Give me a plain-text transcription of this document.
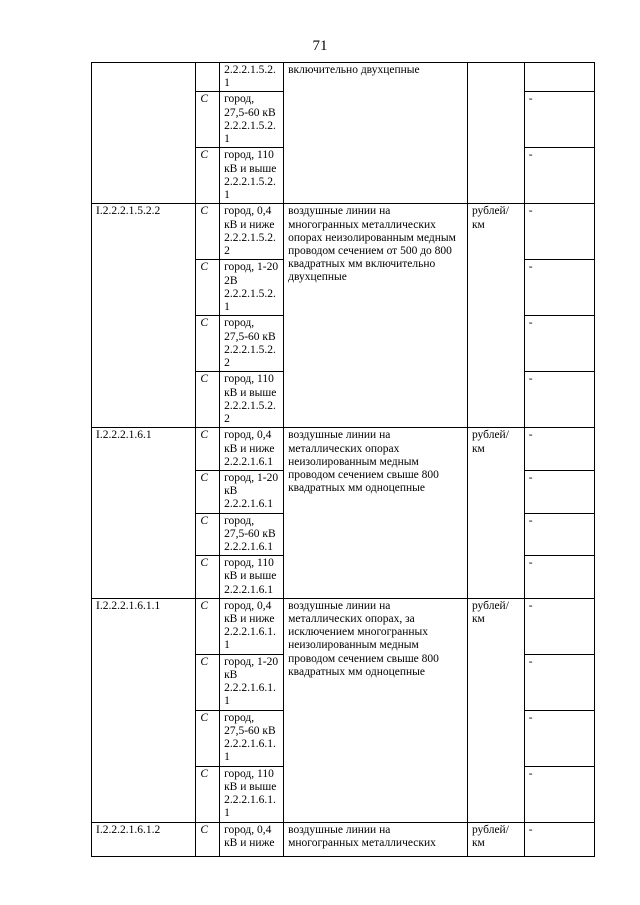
71
		2.2.2.1.5.2.1	включительно двухцепные		
	С	город, 27,5-60 кВ 2.2.2.1.5.2.1			-
	С	город, 110 кВ и выше 2.2.2.1.5.2.1			-
I.2.2.2.1.5.2.2	С	город, 0,4 кВ и ниже 2.2.2.1.5.2.2	воздушные линии на многогранных металлических опорах неизолированным медным проводом сечением от 500 до 800 квадратных мм включительно двухцепные	рублей/км	-
	С	город, 1-20 2В 2.2.2.1.5.2.1			-
	С	город, 27,5-60 кВ 2.2.2.1.5.2.2			-
	С	город, 110 кВ и выше 2.2.2.1.5.2.2			-
I.2.2.2.1.6.1	С	город, 0,4 кВ и ниже 2.2.2.1.6.1	воздушные линии на металлических опорах неизолированным медным проводом сечением свыше 800 квадратных мм одноцепные	рублей/км	-
	С	город, 1-20 кВ 2.2.2.1.6.1			-
	С	город, 27,5-60 кВ 2.2.2.1.6.1			-
	С	город, 110 кВ и выше 2.2.2.1.6.1			-
I.2.2.2.1.6.1.1	С	город, 0,4 кВ и ниже 2.2.2.1.6.1.1	воздушные линии на металлических опорах, за исключением многогранных неизолированным медным проводом сечением свыше 800 квадратных мм одноцепные	рублей/км	-
	С	город, 1-20 кВ 2.2.2.1.6.1.1			-
	С	город, 27,5-60 кВ 2.2.2.1.6.1.1			-
	С	город, 110 кВ и выше 2.2.2.1.6.1.1			-
I.2.2.2.1.6.1.2	С	город, 0,4 кВ и ниже	воздушные линии на многогранных металлических	рублей/км	-
